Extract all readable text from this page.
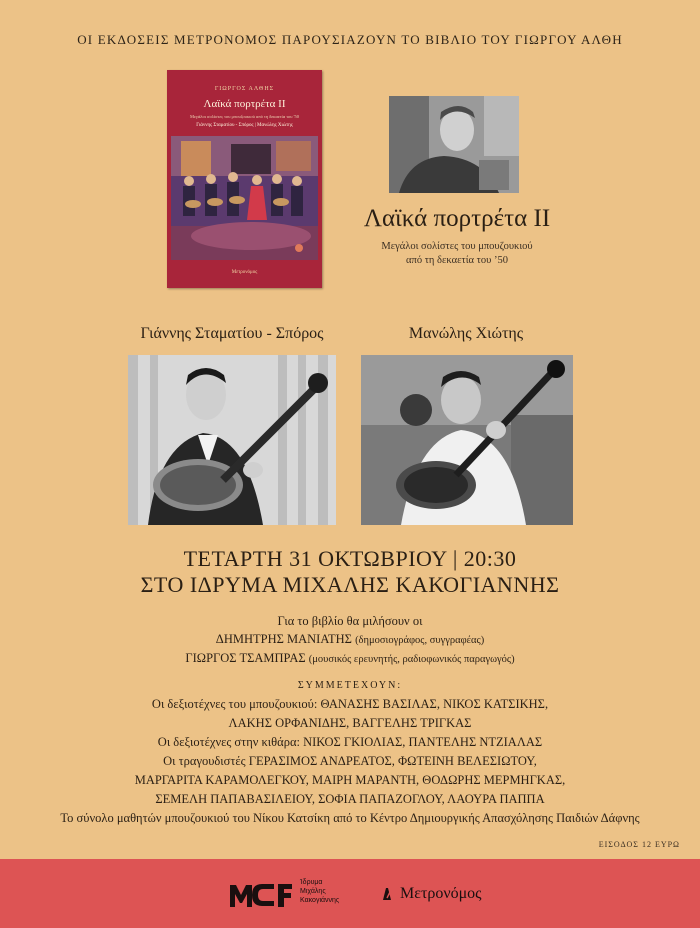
ΟΙ ΕΚΔΟΣΕΙΣ ΜΕΤΡΟΝΟΜΟΣ ΠΑΡΟΥΣΙΑΖΟΥΝ ΤΟ ΒΙΒΛΙΟ ΤΟΥ ΓΙΩΡΓΟΥ ΑΛΘΗ
ΓΙΩΡΓΟΣ ΑΛΘΗΣ
Λαϊκά πορτρέτα II
Μεγάλοι σολίστες του μπουζουκιού από τη δεκαετία του '50
Γιάννης Σταματίου - Σπόρος | Μανώλης Χιώτης
Μετρονόμος
Λαϊκά πορτρέτα II
Μεγάλοι σολίστες του μπουζουκιού
από τη δεκαετία του ’50
Γιάννης Σταματίου - Σπόρος	Μανώλης Χιώτης
ΤΕΤΑΡΤΗ 31 ΟΚΤΩΒΡΙΟΥ | 20:30
ΣΤΟ ΙΔΡΥΜΑ ΜΙΧΑΛΗΣ ΚΑΚΟΓΙΑΝΝΗΣ
Για το βιβλίο θα μιλήσουν οι
ΔΗΜΗΤΡΗΣ ΜΑΝΙΑΤΗΣ (δημοσιογράφος, συγγραφέας)
ΓΙΩΡΓΟΣ ΤΣΑΜΠΡΑΣ (μουσικός ερευνητής, ραδιοφωνικός παραγωγός)
ΣΥΜΜΕΤΕΧΟΥΝ:
Οι δεξιοτέχνες του μπουζουκιού: ΘΑΝΑΣΗΣ ΒΑΣΙΛΑΣ, ΝΙΚΟΣ ΚΑΤΣΙΚΗΣ,
ΛΑΚΗΣ ΟΡΦΑΝΙΔΗΣ, ΒΑΓΓΕΛΗΣ ΤΡΙΓΚΑΣ
Οι δεξιοτέχνες στην κιθάρα: ΝΙΚΟΣ ΓΚΙΟΛΙΑΣ, ΠΑΝΤΕΛΗΣ ΝΤΖΙΑΛΑΣ
Οι τραγουδιστές ΓΕΡΑΣΙΜΟΣ ΑΝΔΡΕΑΤΟΣ, ΦΩΤΕΙΝΗ ΒΕΛΕΣΙΩΤΟΥ,
ΜΑΡΓΑΡΙΤΑ ΚΑΡΑΜΟΛΕΓΚΟΥ, ΜΑΙΡΗ ΜΑΡΑΝΤΗ, ΘΟΔΩΡΗΣ ΜΕΡΜΗΓΚΑΣ,
ΣΕΜΕΛΗ ΠΑΠΑΒΑΣΙΛΕΙΟΥ, ΣΟΦΙΑ ΠΑΠΑΖΟΓΛΟΥ, ΛΑΟΥΡΑ ΠΑΠΠΑ
Το σύνολο μαθητών μπουζουκιού του Νίκου Κατσίκη από το Κέντρο Δημιουργικής Απασχόλησης Παιδιών Δάφνης
ΕΙΣΟΔΟΣ 12 ΕΥΡΩ
Ίδρυμα
Μιχάλης
Κακογιάννης	Μετρονόμος
